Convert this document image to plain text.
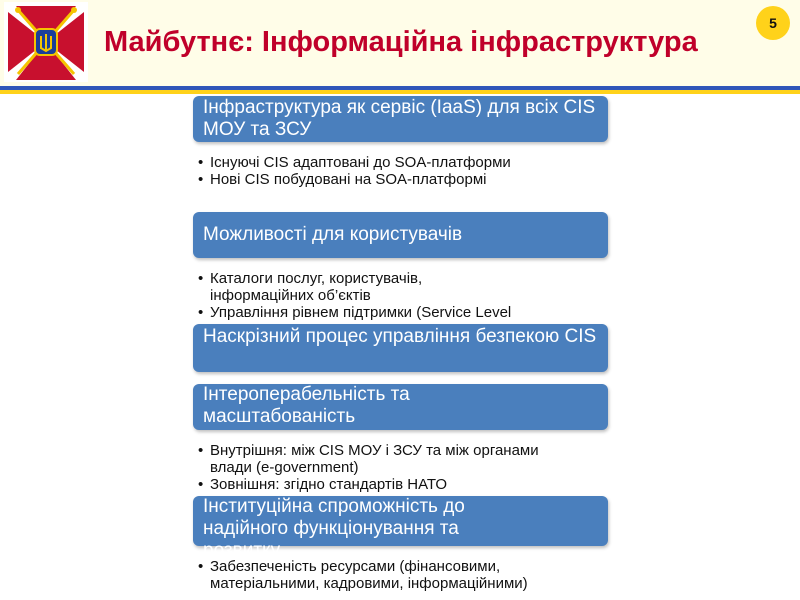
Майбутнє: Інформаційна інфраструктура
5
Інфраструктура як сервіс (IaaS) для всіх CIS МОУ та ЗСУ
• Існуючі CIS адаптовані до SOA-платформи
• Нові CIS побудовані на SOA-платформі
Можливості для користувачів
• Каталоги послуг, користувачів, інформаційних об’єктів
• Управління рівнем підтримки (Service Level
Наскрізний процес управління безпекою CIS
Інтероперабельність та масштабованість
• Внутрішня: між CIS МОУ і ЗСУ та між органами влади (e-government)
• Зовнішня: згідно стандартів НАТО
Інституційна спроможність до надійного функціонування та розвитку
• Забезпеченість ресурсами (фінансовими, матеріальними, кадровими, інформаційними)
